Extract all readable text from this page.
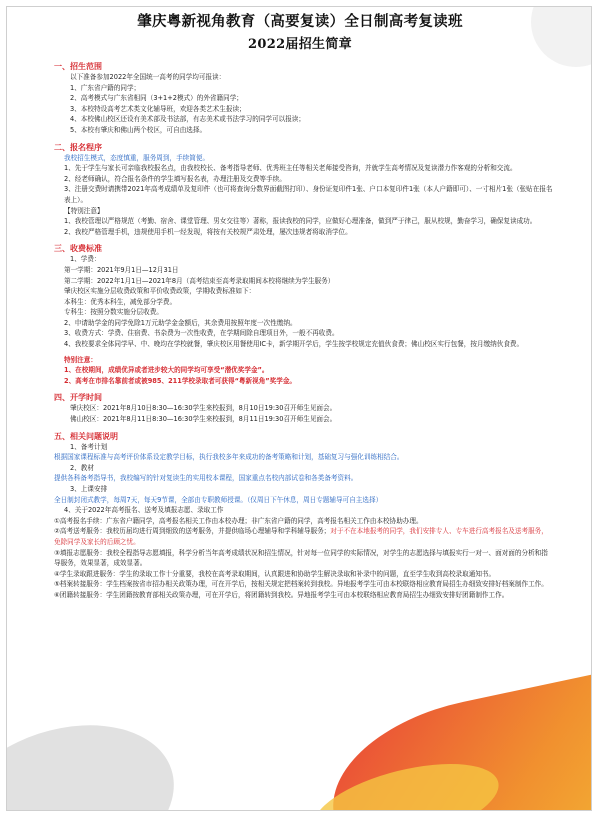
肇庆粤新视角教育（高要复读）全日制高考复读班
2022届招生简章
一、招生范围
以下准备参加2022年全国统一高考的同学均可报读：
1、广东省户籍的同学；
2、高考模式与广东省相同（3+1+2模式）的外省籍同学；
3、本校特设高考艺术类文化辅导班，欢迎各类艺术生报读；
4、本校佛山校区还设有美术部及书法部，有志美术或书法学习的同学可以报读；
5、本校有肇庆和佛山两个校区，可自由选择。
二、报名程序
我校招生模式，态度慎重，服务周到，手续简便。
1、先于学生与家长可亲临我校报名点，由我校校长、备考指导老师、优秀班主任等相关老师接受咨询，并就学生高考情况及复读潜力作客观的分析和交流。
2、经老师确认，符合报名条件的学生填写报名表，办理注册及交费等手续。
3、注册交费时请携带2021年高考成绩单及复印件（也可将查询分数界面截图打印）、身份证复印件1张、户口本复印件1张（本人户籍即可）、一寸相片1张（张贴在报名表上）。
【特别注意】
1、我校管理以严格规范（考勤、宿舍、课堂管理、男女交往等）著称，报读我校的同学，应做好心理准备，做到严于律己，服从校规，勤奋学习，确保复读成功。
2、我校严格管理手机，违规使用手机一经发现，将按有关校规严肃处理，屡次违规者将取消学位。
三、收费标准
1、学费：
第一学期：2021年9月1日—12月31日
第二学期：2022年1月1日—2021年8月（高考结束至高考录取期间本校将继续为学生服务）
肇庆校区实施分层收费政策和平价收费政策，学期收费标准如下：
本科生：优秀本科生，减免部分学费。
专科生：按照分数实施分层收费。
2、申请助学金的同学免除1万元助学金金额后，其余费用按照年度一次性缴纳。
3、收费方式：学费、住宿费、书杂费为一次性收费，在学期间除自理项目外，一般不再收费。
4、我校要求全体同学早、中、晚均在学校就餐，肇庆校区用餐使用IC卡，新学期开学后，学生按学校规定充值伙食费；佛山校区实行包餐，按月缴纳伙食费。
特别注意：
1、在校期间，成绩优异或者进步较大的同学均可享受“潜优奖学金”。
2、高考在市排名靠前者或被985、211学校录取者可获得“粤新视角”奖学金。
四、开学时间
肇庆校区：2021年8月10日8:30—16:30学生来校报到，8月10日19:30召开师生见面会。
佛山校区：2021年8月11日8:30—16:30学生来校报到，8月11日19:30召开师生见面会。
五、相关问题说明
1、备考计划
根据国家课程标准与高考评价体系设定教学目标，执行我校多年来成功的备考策略和计划，基础复习与强化训练相结合。
2、教材
提供各科备考指导书，我校编写的针对复读生的实用校本课程，国家重点名校内部试卷和各类备考资料。
3、上课安排
全日制封闭式教学，每周7天，每天9节课，全部由专职教师授课。（仅周日下午休息，周日专题辅导可自主选择）
4、关于2022年高考报名、送考及填报志愿、录取工作
①高考报名手续：广东省户籍同学，高考报名相关工作由本校办理；非广东省户籍的同学，高考报名相关工作由本校协助办理。
②高考送考服务：我校历届均进行周到细致的送考服务，并提供临场心理辅导和学科辅导服务；对于不在本地报考的同学，我们安排专人、专车进行高考报名及送考服务，免除同学及家长的后顾之忧。
③填报志愿服务：我校全程指导志愿填报，科学分析当年高考成绩状况和招生情况，针对每一位同学的实际情况，对学生的志愿选择与填报实行一对一、面对面的分析和指导服务，效果显著，成效显著。
④学生录取跟进服务：学生的录取工作十分重要，我校在高考录取期间，认真跟进和协助学生解决录取和补录中的问题，直至学生收到高校录取通知书。
⑤档案转接服务：学生档案按省市招办相关政策办理，可在开学后，按相关规定把档案转到我校。异地报考学生可由本校联络相应教育局招生办细致安排好档案制作工作。
⑥团籍转接服务：学生团籍按教育部相关政策办理，可在开学后，将团籍转到我校。异地报考学生可由本校联络相应教育局招生办细致安排好团籍制作工作。
